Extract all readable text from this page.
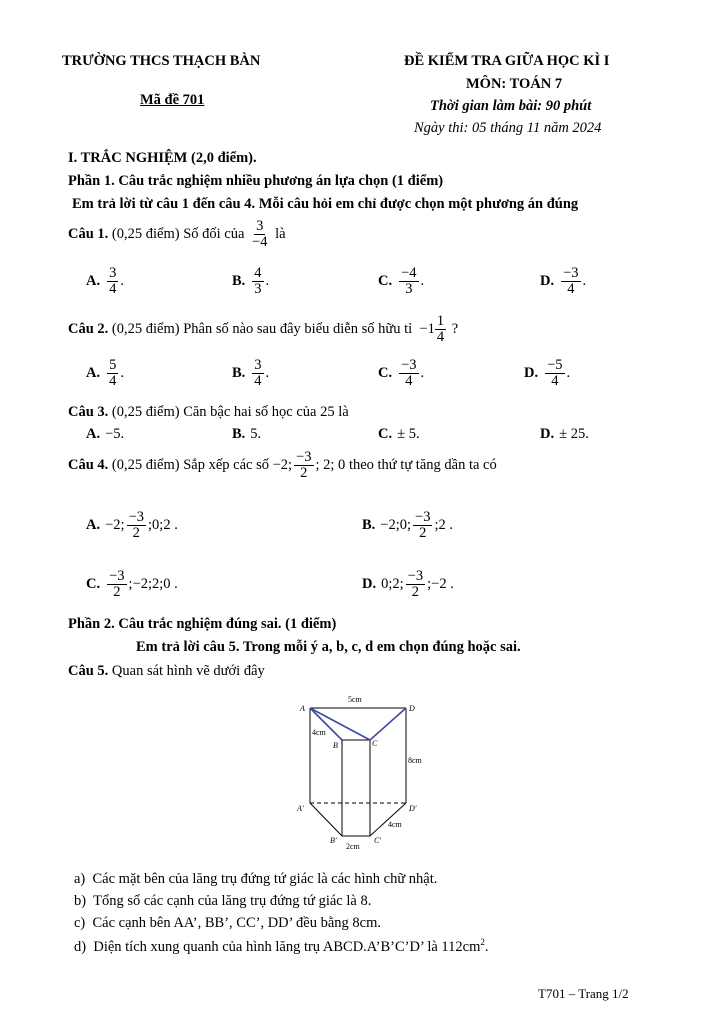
TRƯỜNG THCS THẠCH BÀN
Mã đề 701
ĐỀ KIỂM TRA GIỮA HỌC KÌ I
MÔN: TOÁN 7
Thời gian làm bài: 90 phút
Ngày thi: 05 tháng 11 năm 2024
I. TRẮC NGHIỆM (2,0 điểm).
Phần 1. Câu trắc nghiệm nhiều phương án lựa chọn (1 điểm)
Em trả lời từ câu 1 đến câu 4. Mỗi câu hỏi em chỉ được chọn một phương án đúng
Câu 1.
(0,25 điểm) Số đối của
$\frac{3}{-4}$
là
A. $\frac{3}{4}$ .	B. $\frac{4}{3}$ .	C. $\frac{-4}{3}$ .	D. $\frac{-3}{4}$ .
Câu 2.
(0,25 điểm) Phân số nào sau đây biểu diễn số hữu tỉ
$-1 \frac{1}{4}$
?
A. $\frac{5}{4}$ .	B. $\frac{3}{4}$ .	C. $\frac{-3}{4}$ .	D. $\frac{-5}{4}$ .
Câu 3. (0,25 điểm) Căn bậc hai số học của 25 là
A. −5.	B. 5.	C. ± 5.	D. ± 25.
Câu 4.
(0,25 điểm) Sắp xếp các số
−2; $\frac{-3}{2}$ ; 2; 0
theo thứ tự tăng dần ta có
A. −2; $\frac{-3}{2}$ ;0;2 .	B. −2;0; $\frac{-3}{2}$ ;2 .
C. $\frac{-3}{2}$ ;−2;2;0 .	D. 0;2; $\frac{-3}{2}$ ;−2 .
Phần 2. Câu trắc nghiệm đúng sai. (1 điểm)
Em trả lời câu 5. Trong mỗi ý a, b, c, d em chọn đúng hoặc sai.
Câu 5. Quan sát hình vẽ dưới đây
A	D
B	C
A'	D'
B'	C'
5cm
4cm
8cm
4cm
2cm
a) Các mặt bên của lăng trụ đứng tứ giác là các hình chữ nhật.
b) Tổng số các cạnh của lăng trụ đứng tứ giác là 8.
c) Các cạnh bên AA’, BB’, CC’, DD’ đều bằng 8cm.
d) Diện tích xung quanh của hình lăng trụ ABCD.A’B’C’D’ là $112cm^2$.
T701 – Trang 1/2
